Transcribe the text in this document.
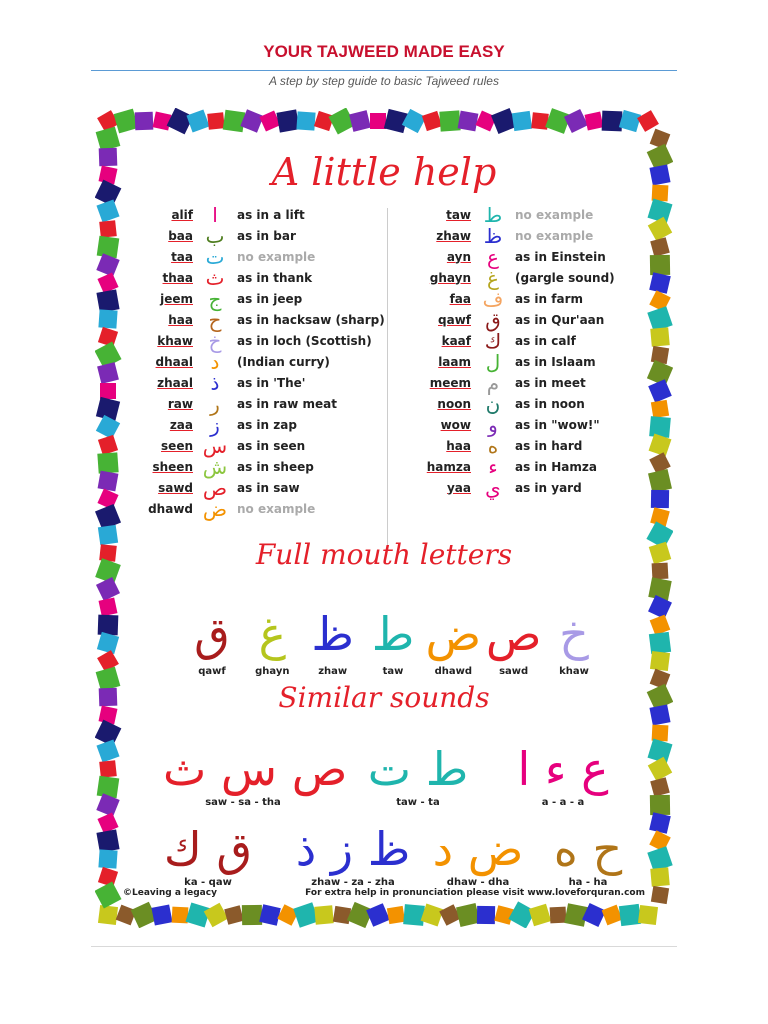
YOUR TAJWEED MADE EASY
A step by step guide to basic Tajweed rules
A little help
alif ا	as in a lift
baa ب	as in bar
taa ت	no example
thaa ث	as in thank
jeem ج	as in jeep
haa ح	as in hacksaw (sharp)
khaw خ	as in loch (Scottish)
dhaal د	(Indian curry)
zhaal ذ	as in 'The'
raw ر	as in raw meat
zaa ز	as in zap
seen س as in seen
sheen ش as in sheep
sawd ص as in saw
dhawd ض no example
taw ط	no example
zhaw ظ	no example
ayn ع	as in Einstein
ghayn غ	(gargle sound)
faa ف as in farm
qawf ق	as in Qur'aan
kaaf ك	as in calf
laam ل	as in Islaam
meem م	as in meet
noon ن	as in noon
wow و	as in "wow!"
haa ه	as in hard
hamza ء	as in Hamza
yaa ي	as in yard
Full mouth letters
ق
qawf
غ
ghayn
ظ
zhaw
ط
taw
ض
dhawd
ص
sawd
خ
khaw
Similar sounds
ص س ث
saw - sa - tha
ط ت
taw - ta
ع ء ا
a - a - a
ق ك
ka - qaw
ظ ز ذ
zhaw - za - zha
ض د
dhaw - dha
ح ه
ha - ha
©Leaving a legacy	For extra help in pronunciation please visit www.loveforquran.com
